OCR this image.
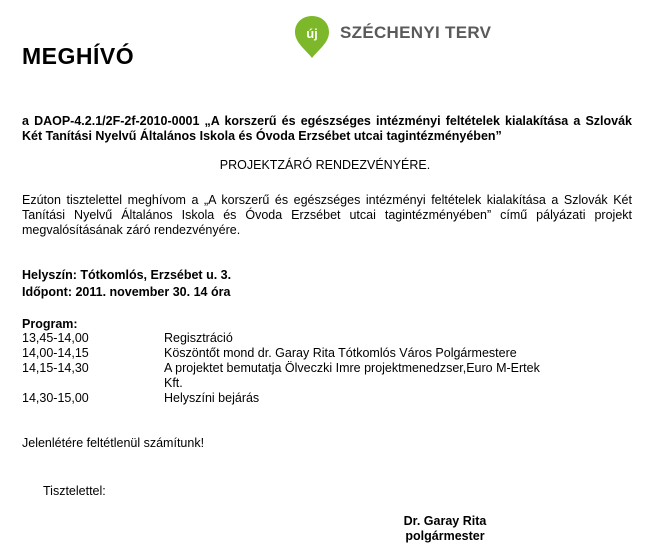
új SZÉCHENYI TERV
MEGHÍVÓ
a DAOP-4.2.1/2F-2f-2010-0001 „A korszerű és egészséges intézményi feltételek kialakítása a Szlovák Két Tanítási Nyelvű Általános Iskola és Óvoda Erzsébet utcai tagintézményében”
PROJEKTZÁRÓ RENDEZVÉNYÉRE.
Ezúton tisztelettel meghívom a „A korszerű és egészséges intézményi feltételek kialakítása a Szlovák Két Tanítási Nyelvű Általános Iskola és Óvoda Erzsébet utcai tagintézményében” című pályázati projekt megvalósításának záró rendezvényére.
Helyszín: Tótkomlós, Erzsébet u. 3.
Időpont: 2011. november 30. 14 óra
Program:
13,45-14,00	Regisztráció
14,00-14,15	Köszöntőt mond dr. Garay Rita Tótkomlós Város Polgármestere
14,15-14,30	A projektet bemutatja Ölveczki Imre projektmenedzser,Euro M-Ertek Kft.
14,30-15,00	Helyszíni bejárás
Jelenlétére feltétlenül számítunk!
Tisztelettel:
Dr. Garay Rita
polgármester
